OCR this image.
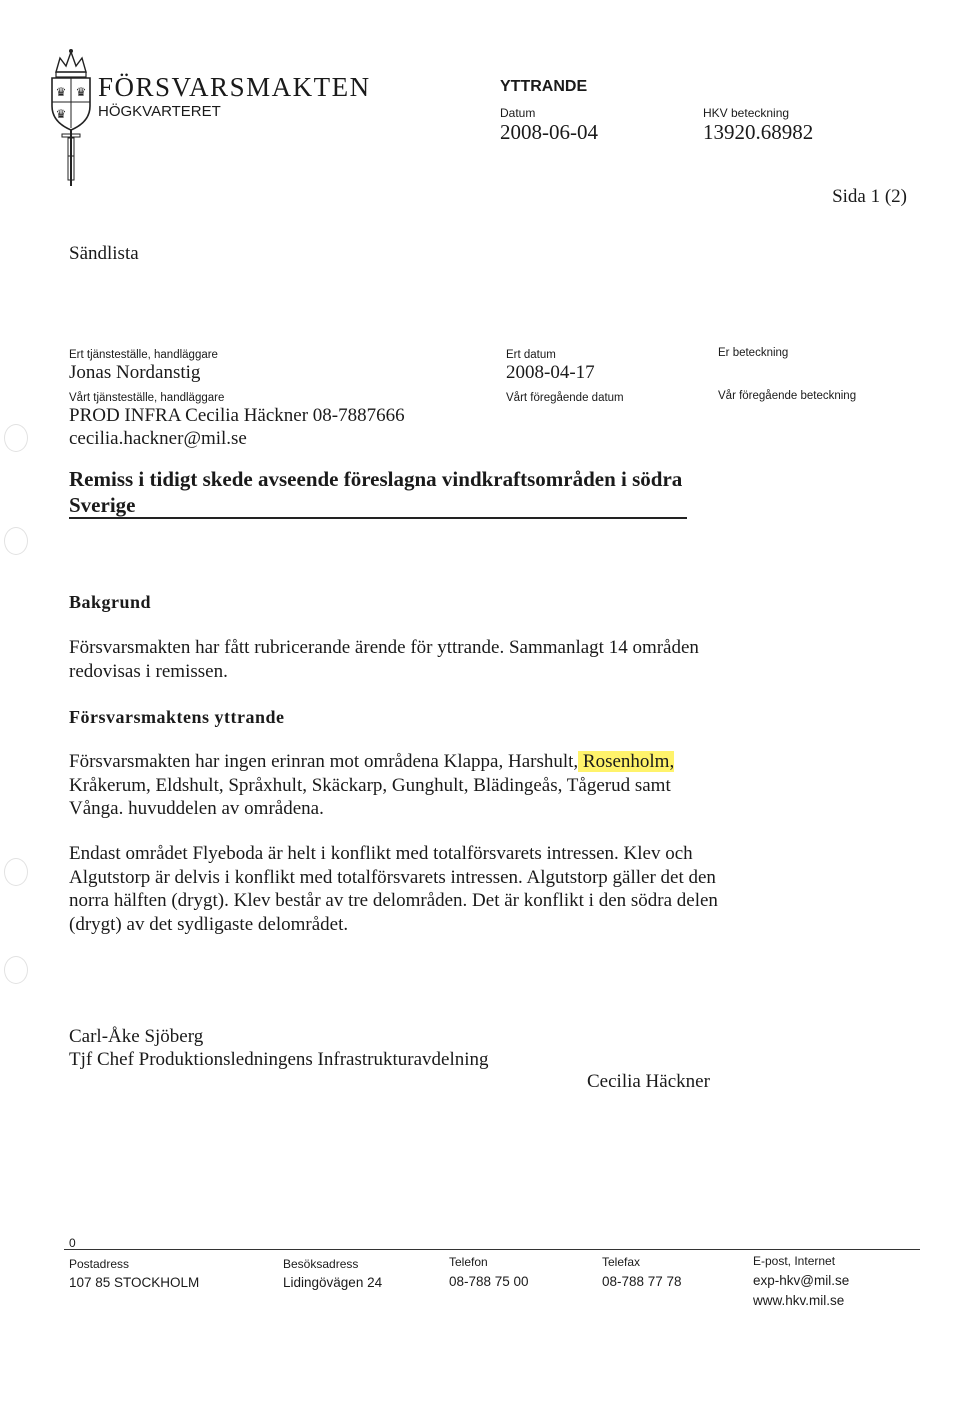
♛ ♛
♛
FÖRSVARSMAKTEN
HÖGKVARTERET
YTTRANDE
Datum
2008-06-04
HKV beteckning
13920.68982
Sida 1 (2)
Sändlista
Ert tjänsteställe, handläggare
Jonas Nordanstig
Vårt tjänsteställe, handläggare
PROD INFRA Cecilia Häckner 08-7887666
cecilia.hackner@mil.se
Ert datum
2008-04-17
Vårt föregående datum
Er beteckning
Vår föregående beteckning
Remiss i tidigt skede avseende föreslagna vindkraftsområden i södra Sverige
Bakgrund
Försvarsmakten har fått rubricerande ärende för yttrande. Sammanlagt 14 områden redovisas i remissen.
Försvarsmaktens yttrande
Försvarsmakten har ingen erinran mot områdena Klappa, Harshult, Rosenholm, Kråkerum, Eldshult, Språxhult, Skäckarp, Gunghult, Blädingeås, Tågerud samt Vånga. huvuddelen av områdena.
Endast området Flyeboda är helt i konflikt med totalförsvarets intressen. Klev och Algutstorp är delvis i konflikt med totalförsvarets intressen. Algutstorp gäller det den norra hälften (drygt). Klev består av tre delområden. Det är konflikt i den södra delen (drygt) av det sydligaste delområdet.
Carl-Åke Sjöberg
Tjf Chef Produktionsledningens Infrastrukturavdelning
Cecilia Häckner
0
Postadress
107 85 STOCKHOLM
Besöksadress
Lidingövägen 24
Telefon
08-788 75 00
Telefax
08-788 77 78
E-post, Internet
exp-hkv@mil.se
www.hkv.mil.se
